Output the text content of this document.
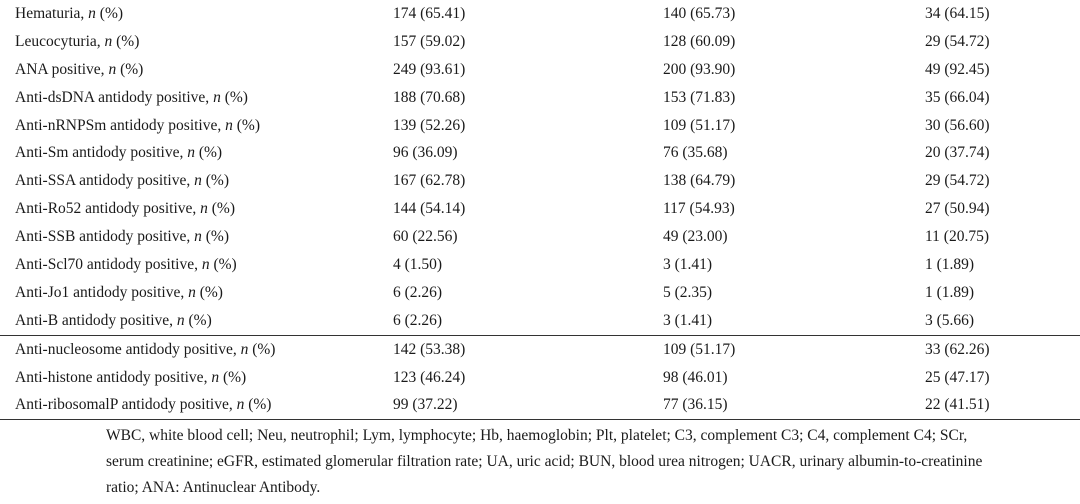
Hematuria, n (%)	174 (65.41)	140 (65.73)	34 (64.15)
Leucocyturia, n (%)	157 (59.02)	128 (60.09)	29 (54.72)
ANA positive, n (%)	249 (93.61)	200 (93.90)	49 (92.45)
Anti-dsDNA antidody positive, n (%)	188 (70.68)	153 (71.83)	35 (66.04)
Anti-nRNPSm antidody positive, n (%)	139 (52.26)	109 (51.17)	30 (56.60)
Anti-Sm antidody positive, n (%)	96 (36.09)	76 (35.68)	20 (37.74)
Anti-SSA antidody positive, n (%)	167 (62.78)	138 (64.79)	29 (54.72)
Anti-Ro52 antidody positive, n (%)	144 (54.14)	117 (54.93)	27 (50.94)
Anti-SSB antidody positive, n (%)	60 (22.56)	49 (23.00)	11 (20.75)
Anti-Scl70 antidody positive, n (%)	4 (1.50)	3 (1.41)	1 (1.89)
Anti-Jo1 antidody positive, n (%)	6 (2.26)	5 (2.35)	1 (1.89)
Anti-B antidody positive, n (%)	6 (2.26)	3 (1.41)	3 (5.66)
Anti-nucleosome antidody positive, n (%)	142 (53.38)	109 (51.17)	33 (62.26)
Anti-histone antidody positive, n (%)	123 (46.24)	98 (46.01)	25 (47.17)
Anti-ribosomalP antidody positive, n (%)	99 (37.22)	77 (36.15)	22 (41.51)

WBC, white blood cell; Neu, neutrophil; Lym, lymphocyte; Hb, haemoglobin; Plt, platelet; C3, complement C3; C4, complement C4; SCr, serum creatinine; eGFR, estimated glomerular filtration rate; UA, uric acid; BUN, blood urea nitrogen; UACR, urinary albumin-to-creatinine ratio; ANA: Antinuclear Antibody.
